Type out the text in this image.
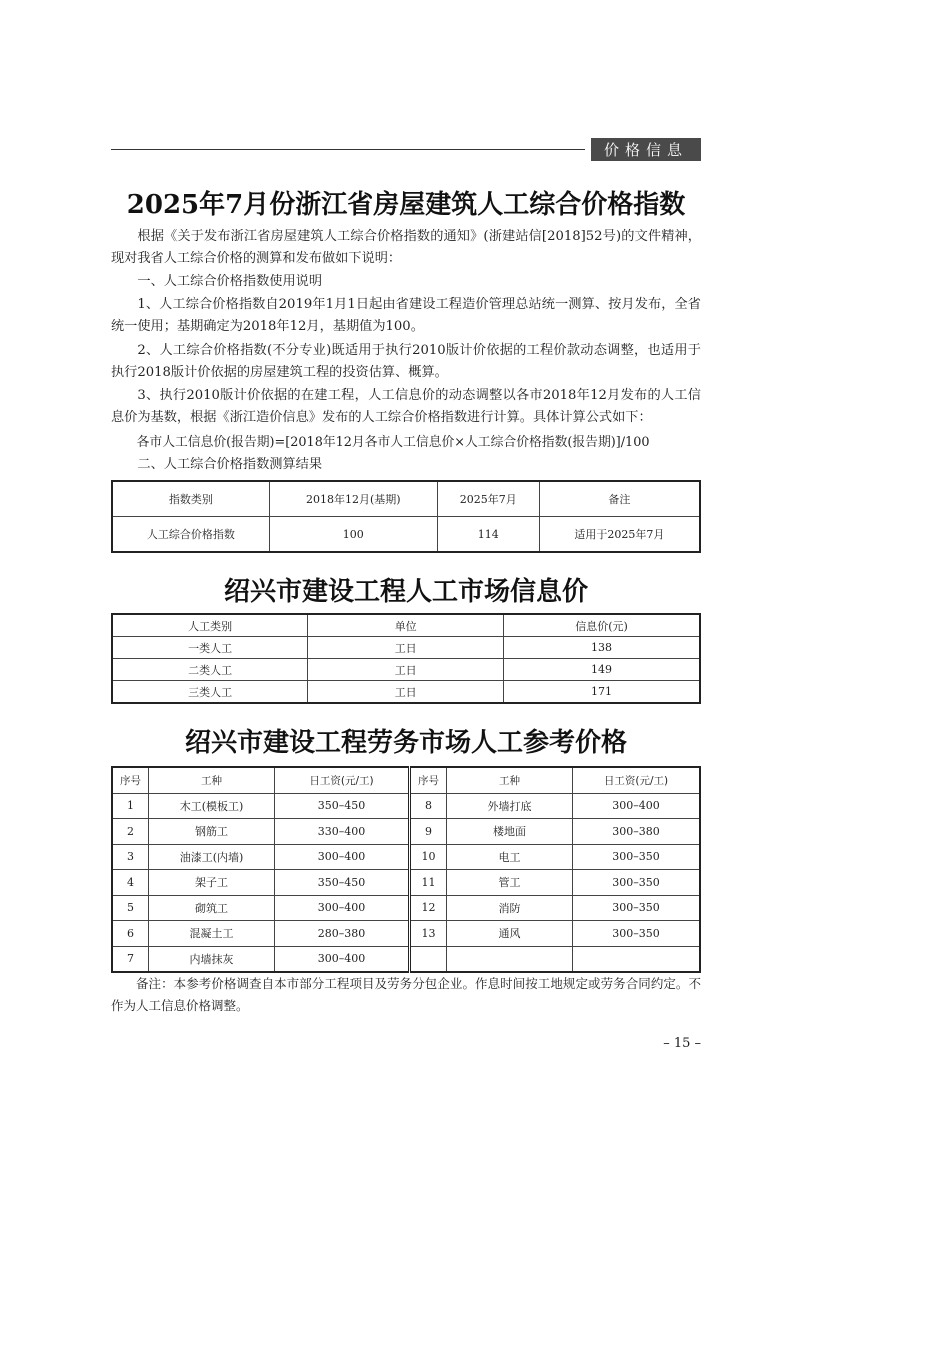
价格信息
2025年7月份浙江省房屋建筑人工综合价格指数
根据《关于发布浙江省房屋建筑人工综合价格指数的通知》(浙建站信[2018]52号)的文件精神，现对我省人工综合价格的测算和发布做如下说明：
一、人工综合价格指数使用说明
1、人工综合价格指数自2019年1月1日起由省建设工程造价管理总站统一测算、按月发布，全省统一使用；基期确定为2018年12月，基期值为100。
2、人工综合价格指数(不分专业)既适用于执行2010版计价依据的工程价款动态调整，也适用于执行2018版计价依据的房屋建筑工程的投资估算、概算。
3、执行2010版计价依据的在建工程，人工信息价的动态调整以各市2018年12月发布的人工信息价为基数，根据《浙江造价信息》发布的人工综合价格指数进行计算。具体计算公式如下：
各市人工信息价(报告期)=[2018年12月各市人工信息价×人工综合价格指数(报告期)]/100
二、人工综合价格指数测算结果
指数类别	2018年12月(基期)	2025年7月	备注
人工综合价格指数	100	114	适用于2025年7月
绍兴市建设工程人工市场信息价
人工类别	单位	信息价(元)
一类人工	工日	138
二类人工	工日	149
三类人工	工日	171
绍兴市建设工程劳务市场人工参考价格
序号	工种	日工资(元/工)	序号	工种	日工资(元/工)
1	木工(模板工)	350–450	8	外墙打底	300–400
2	钢筋工	330–400	9	楼地面	300–380
3	油漆工(内墙)	300–400	10	电工	300–350
4	架子工	350–450	11	管工	300–350
5	砌筑工	300–400	12	消防	300–350
6	混凝土工	280–380	13	通风	300–350
7	内墙抹灰	300–400			
备注：本参考价格调查自本市部分工程项目及劳务分包企业。作息时间按工地规定或劳务合同约定。不作为人工信息价格调整。
– 15 –
